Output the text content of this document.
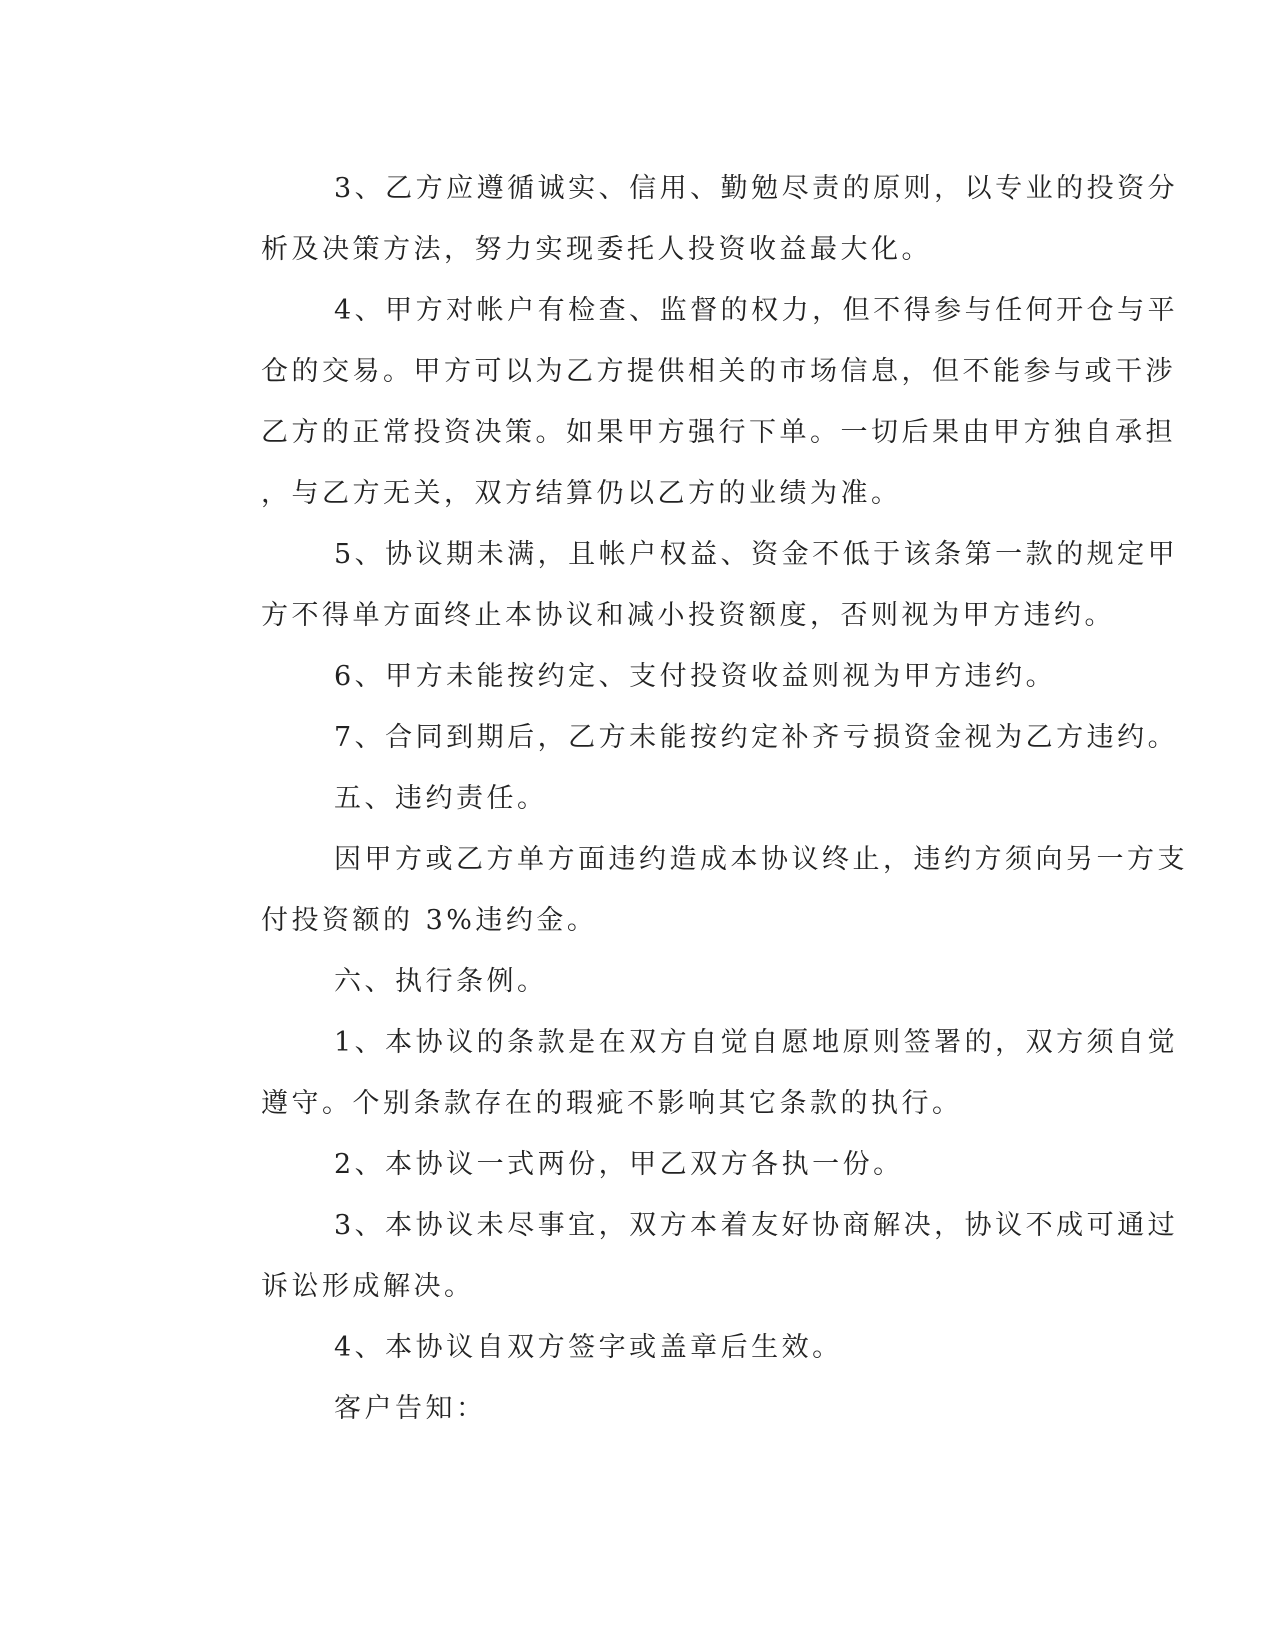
3、乙方应遵循诚实、信用、勤勉尽责的原则，以专业的投资分
析及决策方法，努力实现委托人投资收益最大化。

4、甲方对帐户有检查、监督的权力，但不得参与任何开仓与平
仓的交易。甲方可以为乙方提供相关的市场信息，但不能参与或干涉
乙方的正常投资决策。如果甲方强行下单。一切后果由甲方独自承担
，与乙方无关，双方结算仍以乙方的业绩为准。

5、协议期未满，且帐户权益、资金不低于该条第一款的规定甲
方不得单方面终止本协议和减小投资额度，否则视为甲方违约。

6、甲方未能按约定、支付投资收益则视为甲方违约。

7、合同到期后，乙方未能按约定补齐亏损资金视为乙方违约。

五、违约责任。

因甲方或乙方单方面违约造成本协议终止，违约方须向另一方支
付投资额的 3%违约金。

六、执行条例。

1、本协议的条款是在双方自觉自愿地原则签署的，双方须自觉
遵守。个别条款存在的瑕疵不影响其它条款的执行。

2、本协议一式两份，甲乙双方各执一份。

3、本协议未尽事宜，双方本着友好协商解决，协议不成可通过
诉讼形成解决。

4、本协议自双方签字或盖章后生效。

客户告知：
